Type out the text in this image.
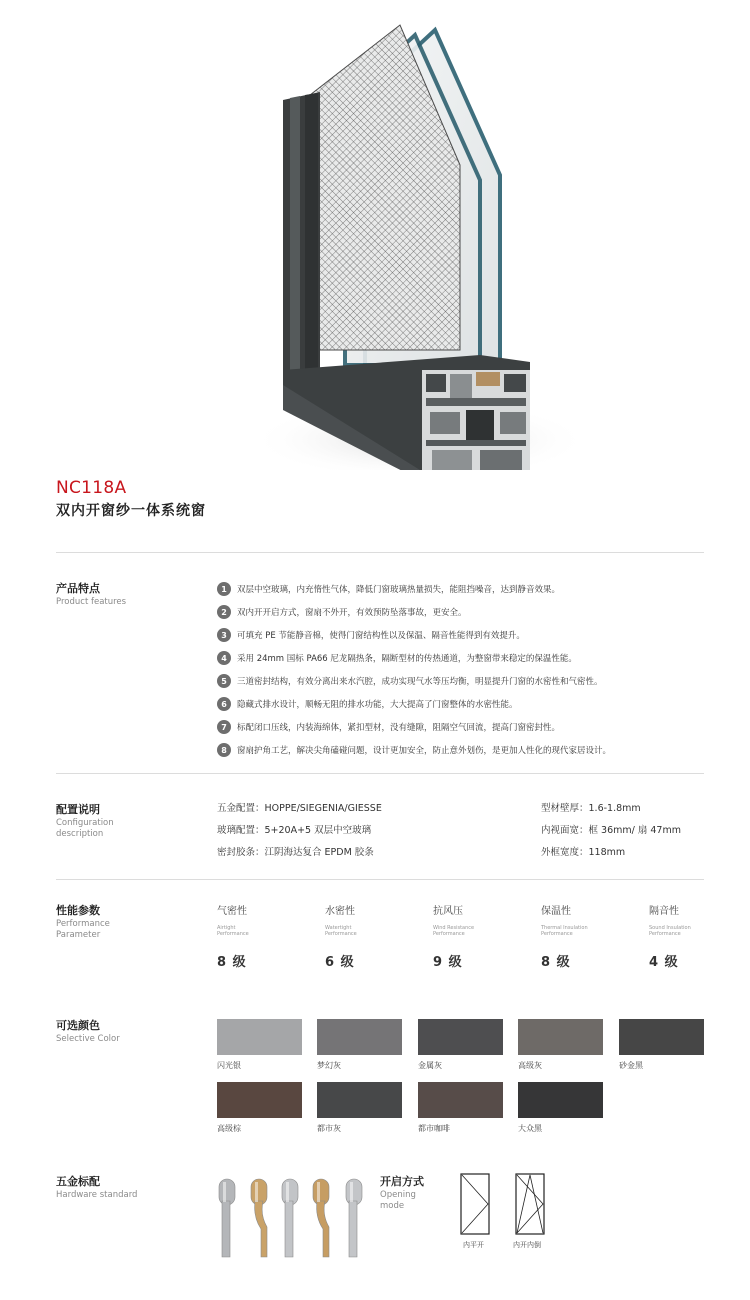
NC118A
双内开窗纱一体系统窗
产品特点
Product features
1	双层中空玻璃，内充惰性气体，降低门窗玻璃热量损失，能阻挡噪音，达到静音效果。
2	双内开开启方式，窗扇不外开，有效预防坠落事故，更安全。
3	可填充 PE 节能静音棉，使得门窗结构性以及保温、隔音性能得到有效提升。
4	采用 24mm 国标 PA66 尼龙隔热条，隔断型材的传热通道，为整窗带来稳定的保温性能。
5	三道密封结构，有效分离出来水汽腔，成功实现气水等压均衡，明显提升门窗的水密性和气密性。
6	隐藏式排水设计，顺畅无阻的排水功能，大大提高了门窗整体的水密性能。
7	标配闭口压线，内装海绵体，紧扣型材，没有缝隙，阻隔空气回流，提高门窗密封性。
8	窗扇护角工艺，解决尖角磕碰问题，设计更加安全，防止意外划伤，是更加人性化的现代家居设计。
配置说明
Configuration description
五金配置：HOPPE/SIEGENIA/GIESSE
玻璃配置：5+20A+5 双层中空玻璃
密封胶条：江阴海达复合 EPDM 胶条
型材壁厚：1.6-1.8mm
内视面宽：框 36mm/ 扇 47mm
外框宽度：118mm
性能参数
Performance Parameter
气密性
Airtight
Performance
8 级
水密性
Watertight
Performance
6 级
抗风压
Wind Resistance
Performance
9 级
保温性
Thermal Insulation
Performance
8 级
隔音性
Sound Insulation
Performance
4 级
可选颜色
Selective Color
闪光银	梦幻灰	金属灰	高级灰	砂金黑
高级棕	都市灰	都市咖啡	大众黑
五金标配
Hardware standard
开启方式
Opening mode
内平开	内开内倒
